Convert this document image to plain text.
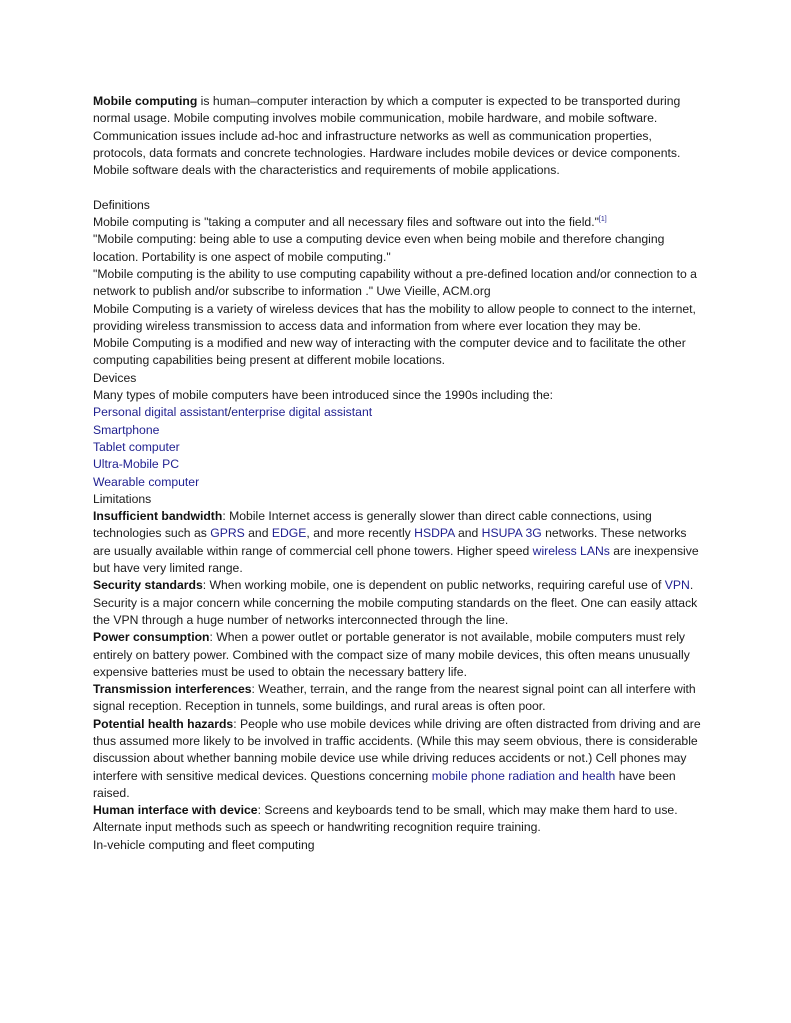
Mobile computing is human–computer interaction by which a computer is expected to be transported during normal usage. Mobile computing involves mobile communication, mobile hardware, and mobile software. Communication issues include ad-hoc and infrastructure networks as well as communication properties, protocols, data formats and concrete technologies. Hardware includes mobile devices or device components. Mobile software deals with the characteristics and requirements of mobile applications.

Definitions

Mobile computing is "taking a computer and all necessary files and software out into the field."[1]

"Mobile computing: being able to use a computing device even when being mobile and therefore changing location. Portability is one aspect of mobile computing."

"Mobile computing is the ability to use computing capability without a pre-defined location and/or connection to a network to publish and/or subscribe to information ." Uwe Vieille, ACM.org

Mobile Computing is a variety of wireless devices that has the mobility to allow people to connect to the internet, providing wireless transmission to access data and information from where ever location they may be.

Mobile Computing is a modified and new way of interacting with the computer device and to facilitate the other computing capabilities being present at different mobile locations.

Devices

Many types of mobile computers have been introduced since the 1990s including the:

Personal digital assistant/enterprise digital assistant

Smartphone

Tablet computer

Ultra-Mobile PC

Wearable computer

Limitations

Insufficient bandwidth: Mobile Internet access is generally slower than direct cable connections, using technologies such as GPRS and EDGE, and more recently HSDPA and HSUPA 3G networks. These networks are usually available within range of commercial cell phone towers. Higher speed wireless LANs are inexpensive but have very limited range.

Security standards: When working mobile, one is dependent on public networks, requiring careful use of VPN. Security is a major concern while concerning the mobile computing standards on the fleet. One can easily attack the VPN through a huge number of networks interconnected through the line.

Power consumption: When a power outlet or portable generator is not available, mobile computers must rely entirely on battery power. Combined with the compact size of many mobile devices, this often means unusually expensive batteries must be used to obtain the necessary battery life.

Transmission interferences: Weather, terrain, and the range from the nearest signal point can all interfere with signal reception. Reception in tunnels, some buildings, and rural areas is often poor.

Potential health hazards: People who use mobile devices while driving are often distracted from driving and are thus assumed more likely to be involved in traffic accidents. (While this may seem obvious, there is considerable discussion about whether banning mobile device use while driving reduces accidents or not.) Cell phones may interfere with sensitive medical devices. Questions concerning mobile phone radiation and health have been raised.

Human interface with device: Screens and keyboards tend to be small, which may make them hard to use. Alternate input methods such as speech or handwriting recognition require training.

In-vehicle computing and fleet computing
